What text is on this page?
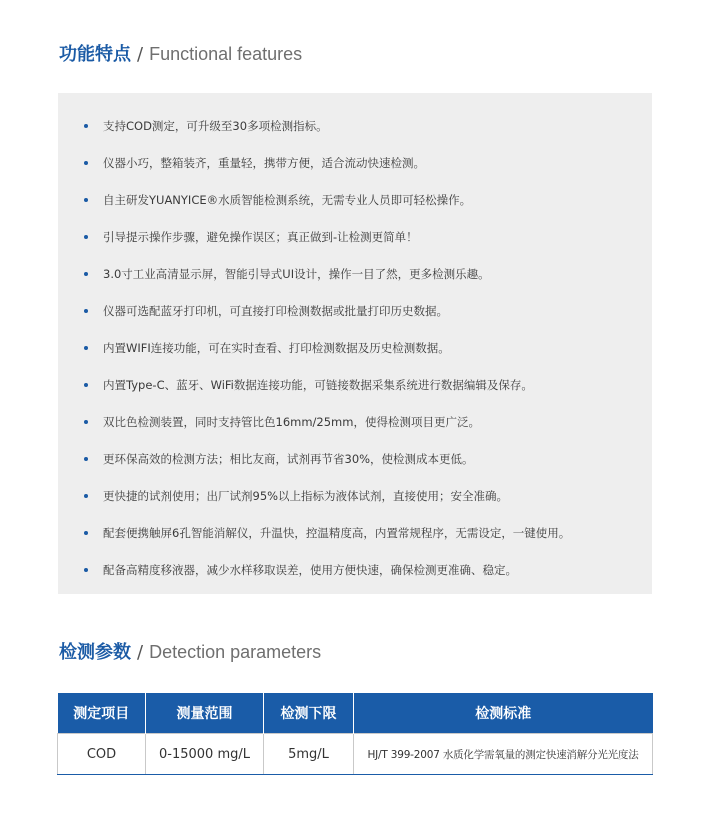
功能特点 / Functional features
支持COD测定，可升级至30多项检测指标。
仪器小巧，整箱装齐，重量轻，携带方便，适合流动快速检测。
自主研发YUANYICE®水质智能检测系统，无需专业人员即可轻松操作。
引导提示操作步骤，避免操作误区；真正做到-让检测更简单！
3.0寸工业高清显示屏，智能引导式UI设计，操作一目了然，更多检测乐趣。
仪器可选配蓝牙打印机，可直接打印检测数据或批量打印历史数据。
内置WIFI连接功能，可在实时查看、打印检测数据及历史检测数据。
内置Type-C、蓝牙、WiFi数据连接功能，可链接数据采集系统进行数据编辑及保存。
双比色检测装置，同时支持管比色16mm/25mm，使得检测项目更广泛。
更环保高效的检测方法；相比友商，试剂再节省30%，使检测成本更低。
更快捷的试剂使用；出厂试剂95%以上指标为液体试剂，直接使用；安全准确。
配套便携触屏6孔智能消解仪，升温快，控温精度高，内置常规程序，无需设定，一键使用。
配备高精度移液器，减少水样移取误差，使用方便快速，确保检测更准确、稳定。
检测参数 / Detection parameters
测定项目	测量范围	检测下限	检测标准
COD	0-15000 mg/L	5mg/L	HJ/T 399-2007 水质化学需氧量的测定快速消解分光光度法
